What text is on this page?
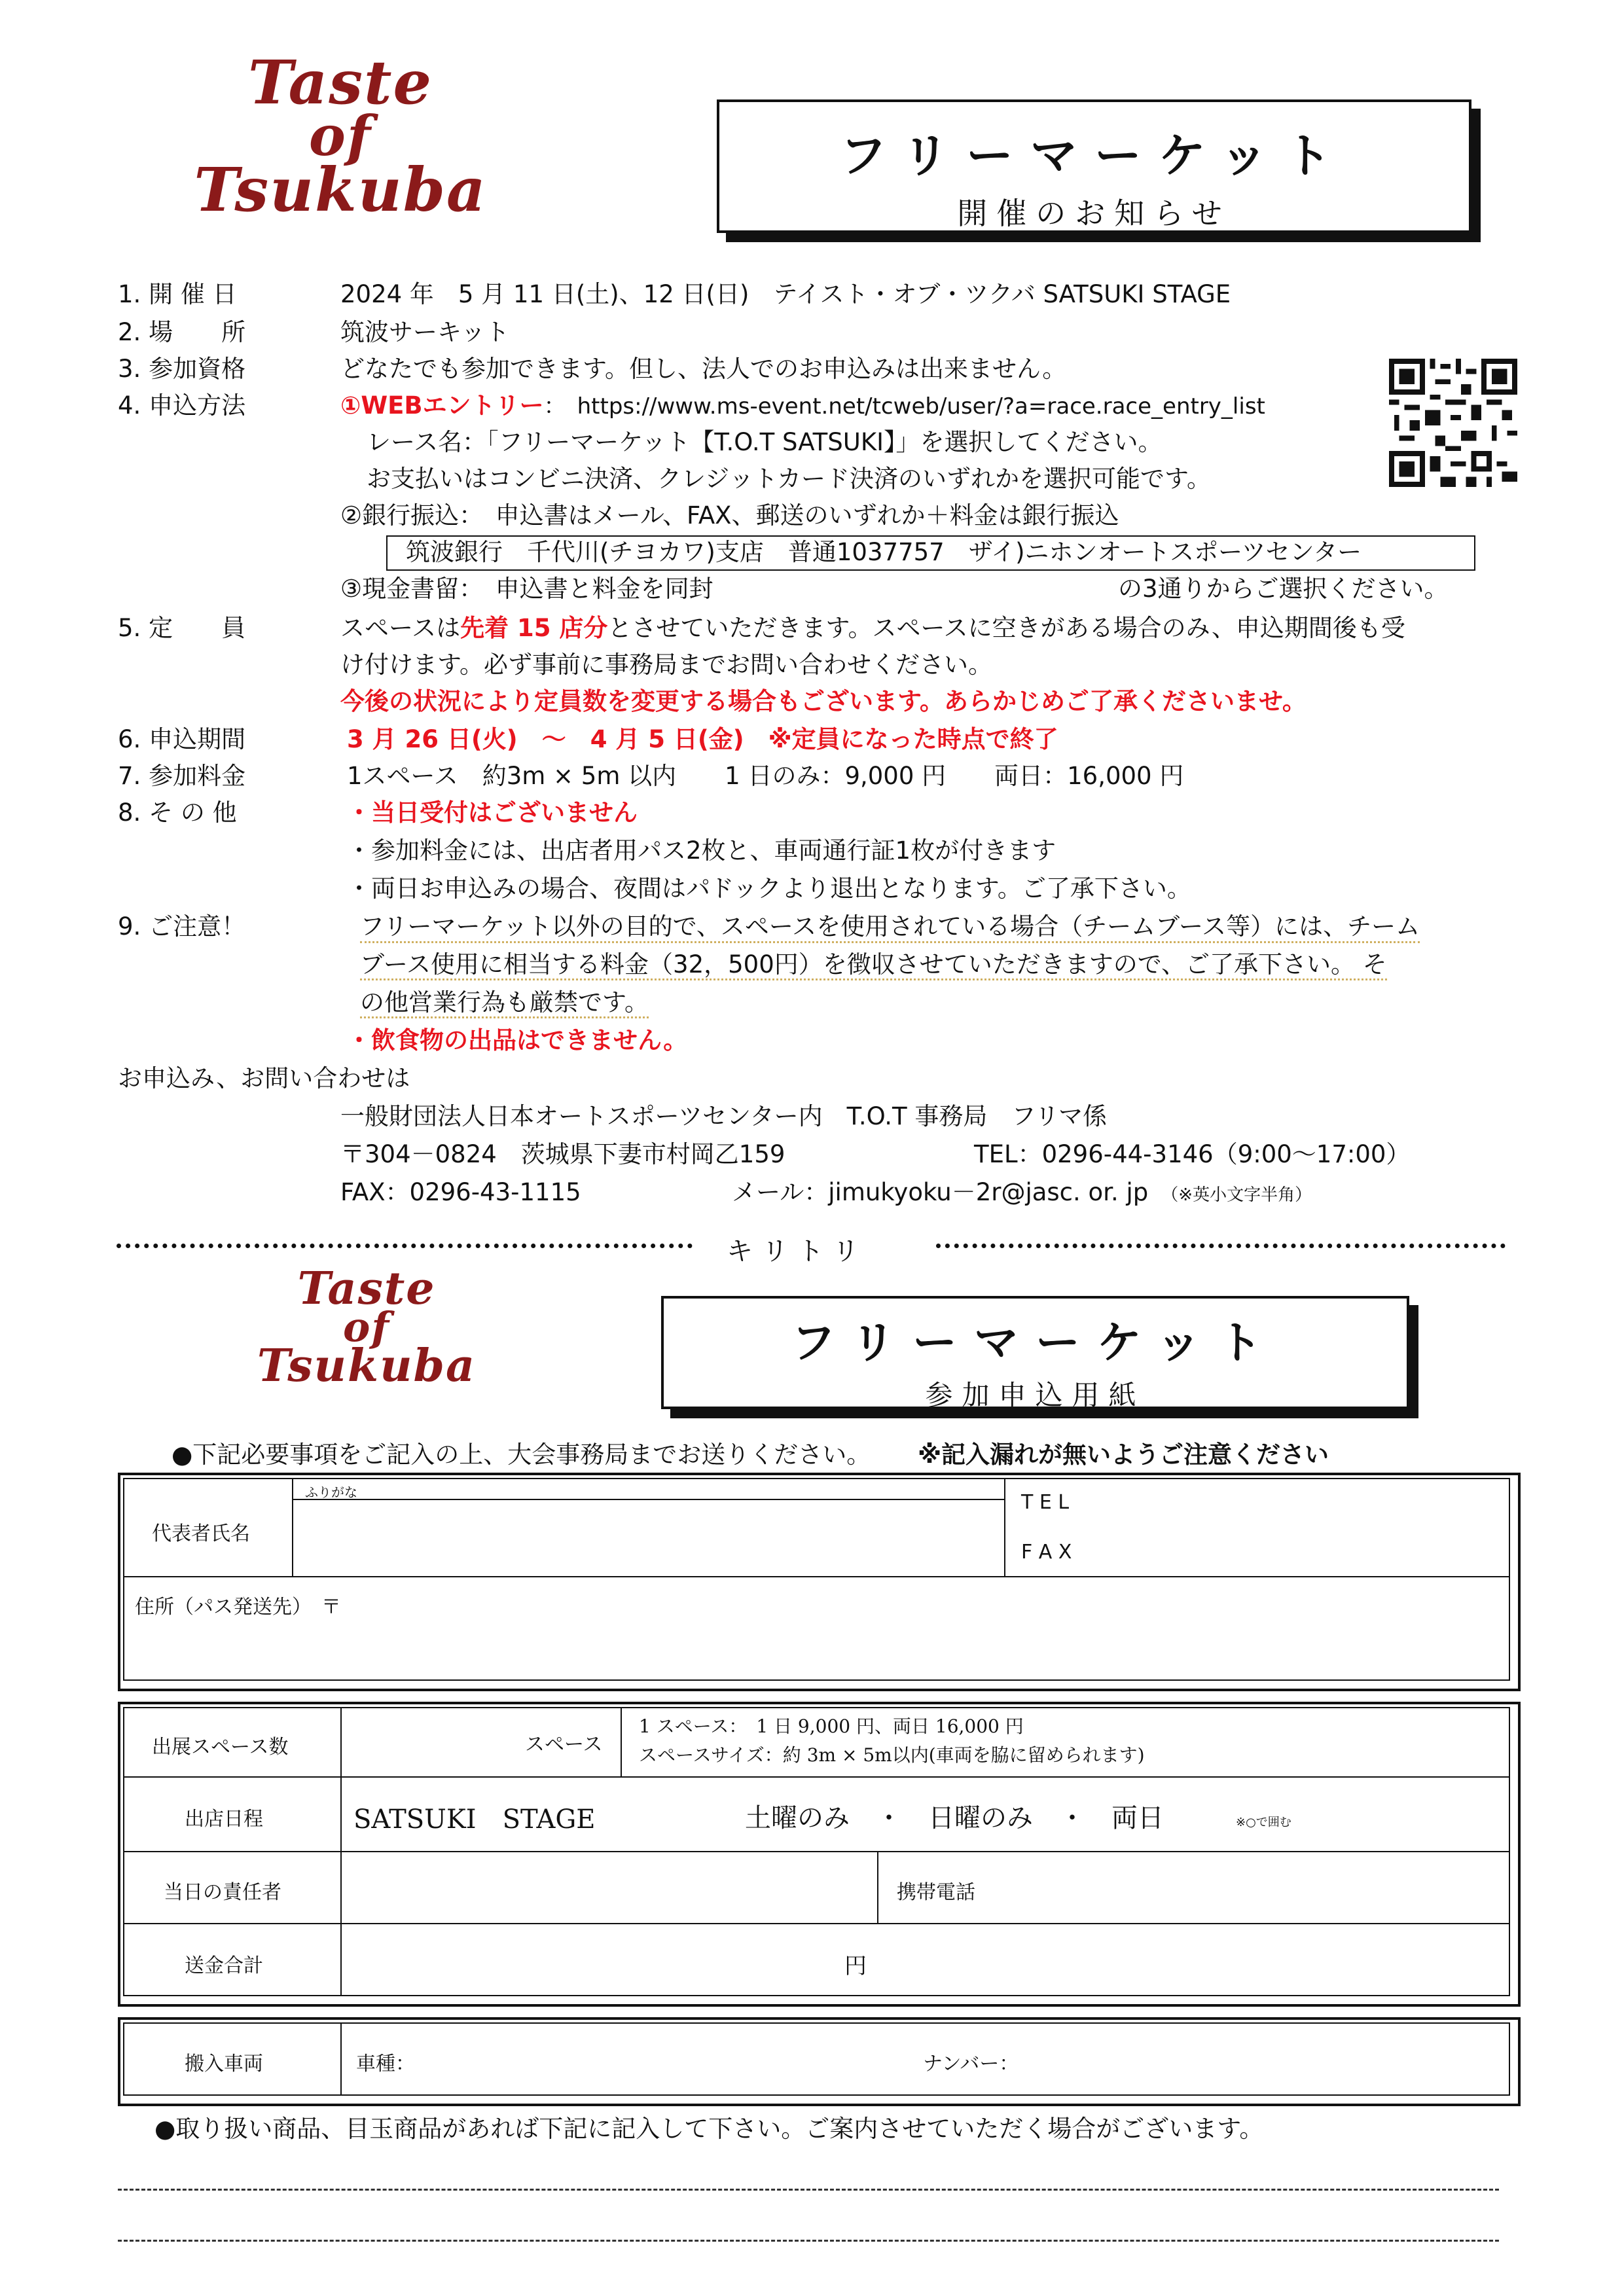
Taste
of
Tsukuba	フリーマーケット
開催のお知らせ
1. 開 催 日	2024 年　5 月 11 日(土)、12 日(日)　テイスト・オブ・ツクバ SATSUKI STAGE
2. 場　　所	筑波サーキット
3. 参加資格	どなたでも参加できます。但し、法人でのお申込みは出来ません。
4. 申込方法	①WEBエントリー：　https://www.ms-event.net/tcweb/user/?a=race.race_entry_list
レース名：「フリーマーケット【T.O.T SATSUKI】」を選択してください。
お支払いはコンビニ決済、クレジットカード決済のいずれかを選択可能です。
②銀行振込：　申込書はメール、FAX、郵送のいずれか＋料金は銀行振込
筑波銀行　千代川(チヨカワ)支店　普通1037757　ザイ)ニホンオートスポーツセンター
③現金書留：　申込書と料金を同封	の3通りからご選択ください。
5. 定　　員	スペースは先着 15 店分とさせていただきます。スペースに空きがある場合のみ、申込期間後も受
け付けます。必ず事前に事務局までお問い合わせください。
今後の状況により定員数を変更する場合もございます。あらかじめご了承くださいませ。
6. 申込期間	3 月 26 日(火)　～　4 月 5 日(金)　※定員になった時点で終了
7. 参加料金	1スペース　約3m × 5m 以内　　1 日のみ：9,000 円　　両日：16,000 円
8. そ の 他	・当日受付はございません
・参加料金には、出店者用パス2枚と、車両通行証1枚が付きます
・両日お申込みの場合、夜間はパドックより退出となります。ご了承下さい。
9. ご注意！	フリーマーケット以外の目的で、スペースを使用されている場合（チームブース等）には、チーム
ブース使用に相当する料金（32，500円）を徴収させていただきますので、ご了承下さい。 そ
の他営業行為も厳禁です。
・飲食物の出品はできません。
お申込み、お問い合わせは
一般財団法人日本オートスポーツセンター内　T.O.T 事務局　フリマ係
〒304－0824　茨城県下妻市村岡乙159	TEL：0296-44-3146（9:00～17:00）
FAX：0296-43-1115	メール：jimukyoku－2r@jasc. or. jp （※英小文字半角）
キリトリ
Taste
of
Tsukuba	フリーマーケット
参加申込用紙
●下記必要事項をご記入の上、大会事務局までお送りください。 ※記入漏れが無いようご注意ください
代表者氏名
ふりがな	T E L
F A X
住所（パス発送先）　〒
出展スペース数	スペース
1 スペース：　1 日 9,000 円、両日 16,000 円
スペースサイズ：約 3m × 5m以内(車両を脇に留められます)
出店日程	SATSUKI　STAGE	土曜のみ　・　日曜のみ　・　両日	※○で囲む
当日の責任者	携帯電話
送金合計	円
搬入車両	車種：	ナンバー：
●取り扱い商品、目玉商品があれば下記に記入して下さい。ご案内させていただく場合がございます。
